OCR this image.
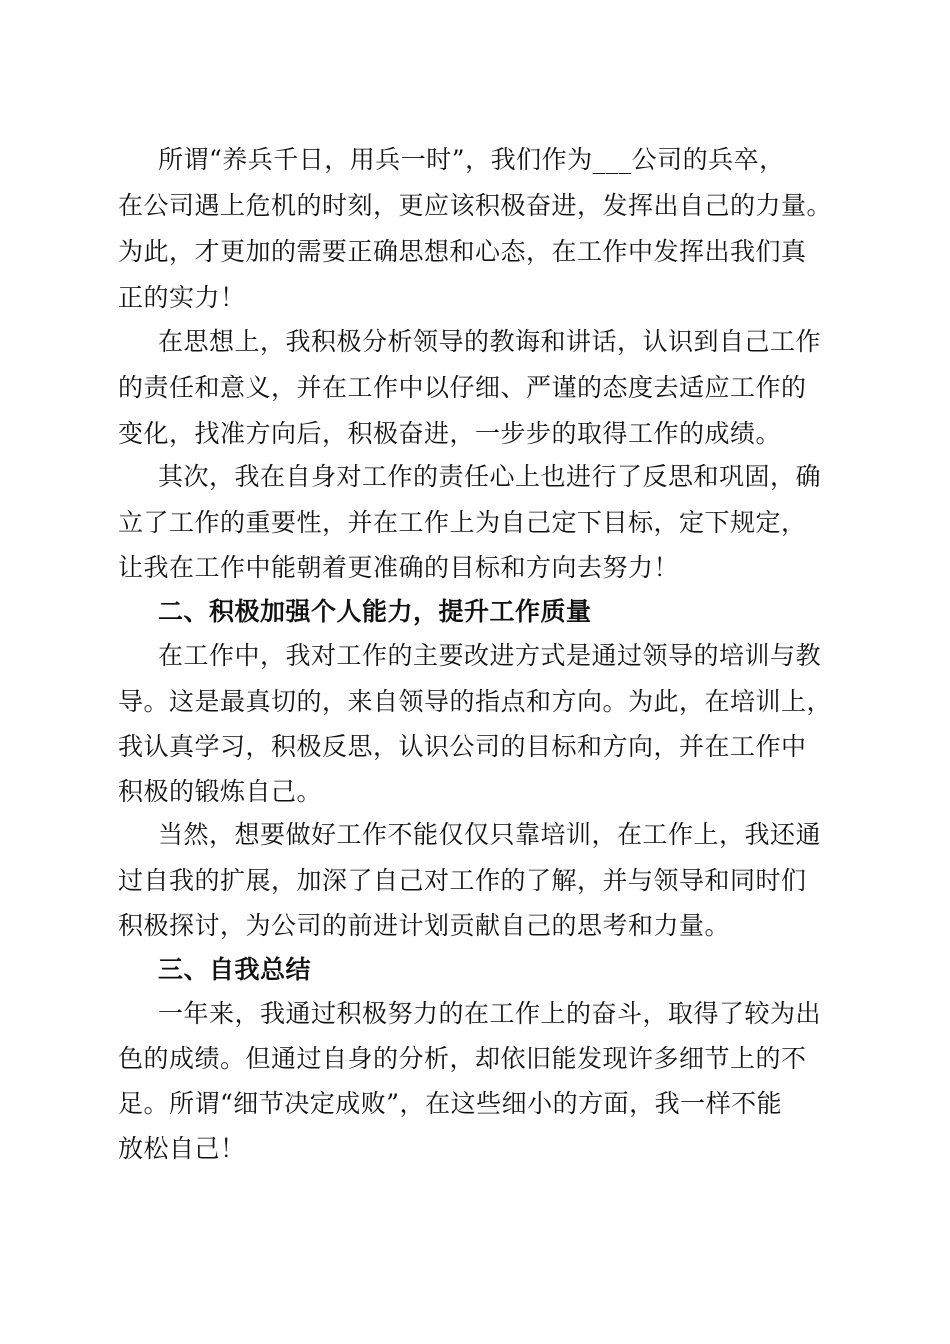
所谓“养兵千日，用兵一时”，我们作为___公司的兵卒，
在公司遇上危机的时刻，更应该积极奋进，发挥出自己的力量。
为此，才更加的需要正确思想和心态，在工作中发挥出我们真
正的实力！
在思想上，我积极分析领导的教诲和讲话，认识到自己工作
的责任和意义，并在工作中以仔细、严谨的态度去适应工作的
变化，找准方向后，积极奋进，一步步的取得工作的成绩。
其次，我在自身对工作的责任心上也进行了反思和巩固，确
立了工作的重要性，并在工作上为自己定下目标，定下规定，
让我在工作中能朝着更准确的目标和方向去努力！
二、积极加强个人能力，提升工作质量
在工作中，我对工作的主要改进方式是通过领导的培训与教
导。这是最真切的，来自领导的指点和方向。为此，在培训上，
我认真学习，积极反思，认识公司的目标和方向，并在工作中
积极的锻炼自己。
当然，想要做好工作不能仅仅只靠培训，在工作上，我还通
过自我的扩展，加深了自己对工作的了解，并与领导和同时们
积极探讨，为公司的前进计划贡献自己的思考和力量。
三、自我总结
一年来，我通过积极努力的在工作上的奋斗，取得了较为出
色的成绩。但通过自身的分析，却依旧能发现许多细节上的不
足。所谓“细节决定成败”，在这些细小的方面，我一样不能
放松自己！
